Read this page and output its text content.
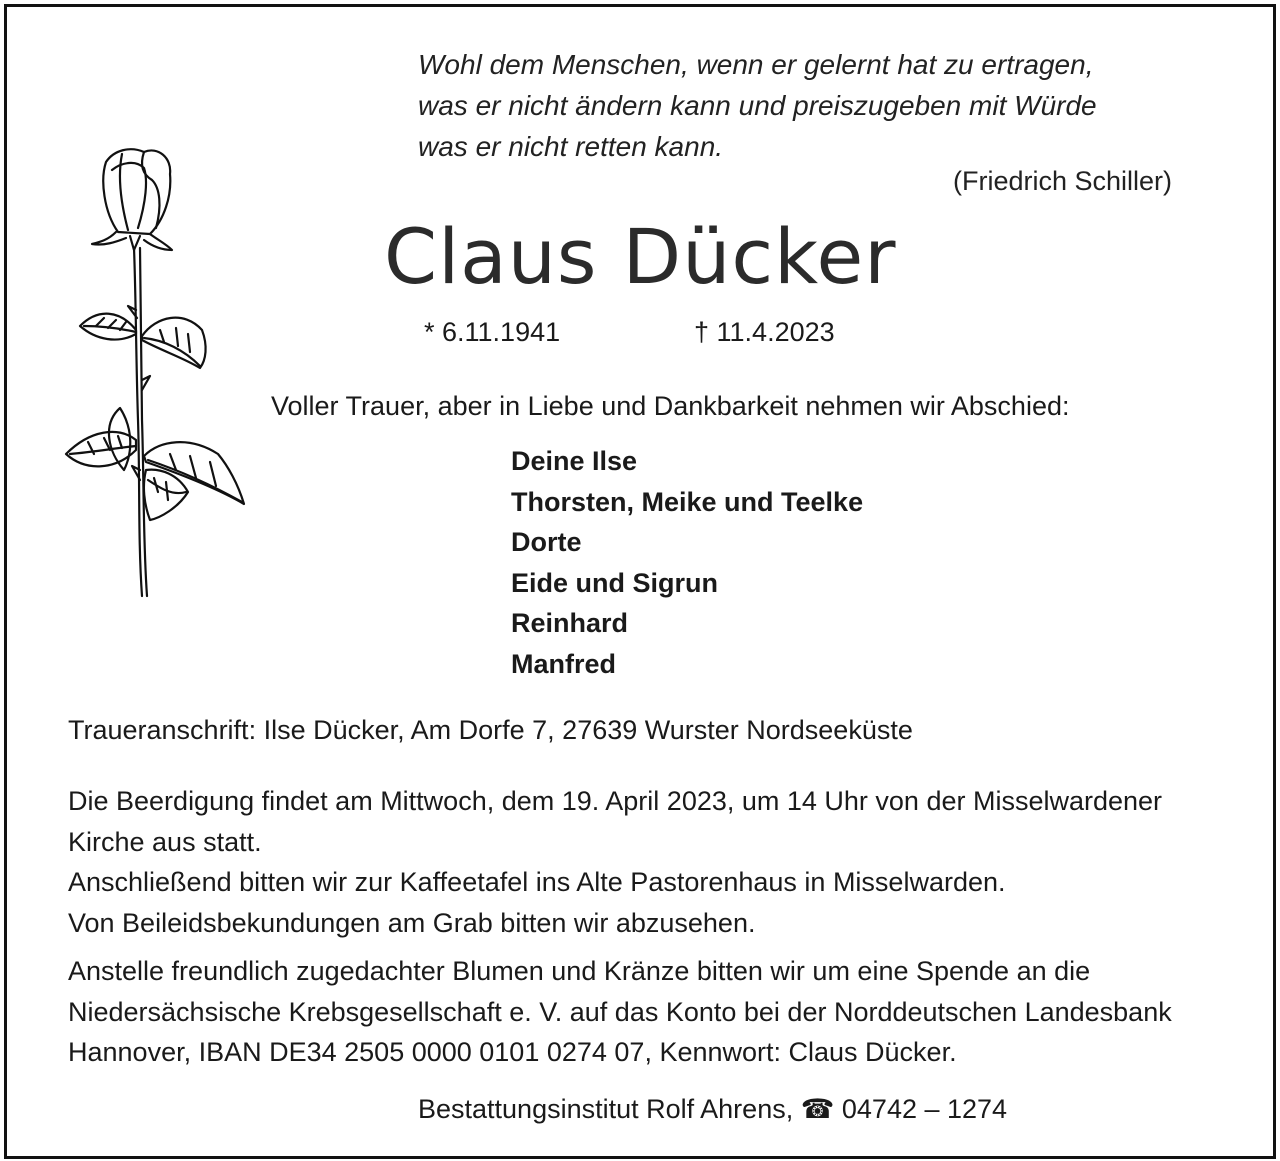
Wohl dem Menschen, wenn er gelernt hat zu ertragen,
was er nicht ändern kann und preiszugeben mit Würde
was er nicht retten kann.
(Friedrich Schiller)
Claus Dücker
* 6.11.1941	† 11.4.2023
Voller Trauer, aber in Liebe und Dankbarkeit nehmen wir Abschied:
Deine Ilse
Thorsten, Meike und Teelke
Dorte
Eide und Sigrun
Reinhard
Manfred
Traueranschrift: Ilse Dücker, Am Dorfe 7, 27639 Wurster Nordseeküste
Die Beerdigung findet am Mittwoch, dem 19. April 2023, um 14 Uhr von der Misselwardener
Kirche aus statt.
Anschließend bitten wir zur Kaffeetafel ins Alte Pastorenhaus in Misselwarden.
Von Beileidsbekundungen am Grab bitten wir abzusehen.
Anstelle freundlich zugedachter Blumen und Kränze bitten wir um eine Spende an die
Niedersächsische Krebsgesellschaft e. V. auf das Konto bei der Norddeutschen Landesbank
Hannover, IBAN DE34 2505 0000 0101 0274 07, Kennwort: Claus Dücker.
Bestattungsinstitut Rolf Ahrens, ☎ 04742 – 1274
